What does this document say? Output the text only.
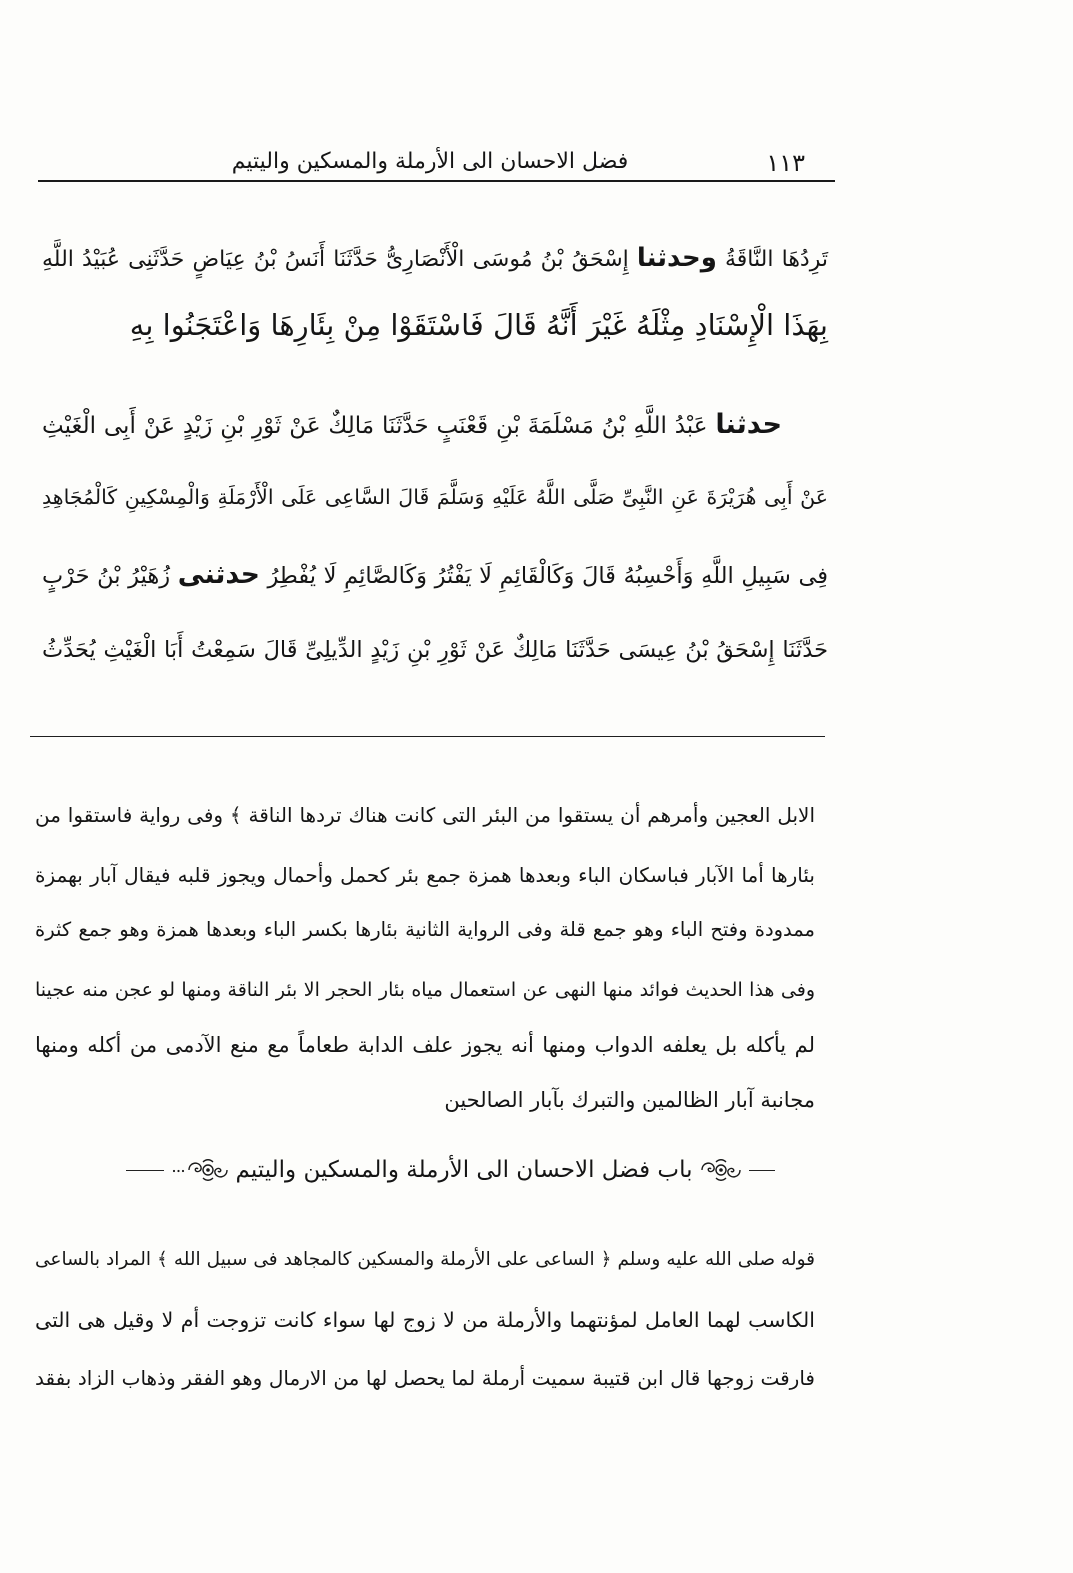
١١٣
فضل الاحسان الى الأرملة والمسكين واليتيم

تَرِدُهَا النَّاقَةُ وحدثنا إِسْحَقُ بْنُ مُوسَى الْأَنْصَارِىُّ حَدَّثَنَا أَنَسُ بْنُ عِيَاضٍ حَدَّثَنِى عُبَيْدُ اللَّهِ

بِهَذَا الْإِسْنَادِ مِثْلَهُ غَيْرَ أَنَّهُ قَالَ فَاسْتَقَوْا مِنْ بِئَارِهَا وَاعْتَجَنُوا بِهِ

حدثنا عَبْدُ اللَّهِ بْنُ مَسْلَمَةَ بْنِ قَعْنَبٍ حَدَّثَنَا مَالِكٌ عَنْ ثَوْرِ بْنِ زَيْدٍ عَنْ أَبِى الْغَيْثِ

عَنْ أَبِى هُرَيْرَةَ عَنِ النَّبِىِّ صَلَّى اللَّهُ عَلَيْهِ وَسَلَّمَ قَالَ السَّاعِى عَلَى الْأَرْمَلَةِ وَالْمِسْكِينِ كَالْمُجَاهِدِ

فِى سَبِيلِ اللَّهِ وَأَحْسِبُهُ قَالَ وَكَالْقَائِمِ لَا يَفْتُرُ وَكَالصَّائِمِ لَا يُفْطِرُ حدثنى زُهَيْرُ بْنُ حَرْبٍ

حَدَّثَنَا إِسْحَقُ بْنُ عِيسَى حَدَّثَنَا مَالِكٌ عَنْ ثَوْرِ بْنِ زَيْدٍ الدِّيلِىِّ قَالَ سَمِعْتُ أَبَا الْغَيْثِ يُحَدِّثُ

الابل العجين وأمرهم أن يستقوا من البئر التى كانت هناك تردها الناقة ﴾ وفى رواية فاستقوا من

بئارها أما الآبار فباسكان الباء وبعدها همزة جمع بئر كحمل وأحمال ويجوز قلبه فيقال آبار بهمزة

ممدودة وفتح الباء وهو جمع قلة وفى الرواية الثانية بئارها بكسر الباء وبعدها همزة وهو جمع كثرة

وفى هذا الحديث فوائد منها النهى عن استعمال مياه بئار الحجر الا بئر الناقة ومنها لو عجن منه عجينا

لم يأكله بل يعلفه الدواب ومنها أنه يجوز علف الدابة طعاماً مع منع الآدمى من أكله ومنها

مجانبة آبار الظالمين والتبرك بآبار الصالحين

باب فضل الاحسان الى الأرملة والمسكين واليتيم

قوله صلى الله عليه وسلم ﴿ الساعى على الأرملة والمسكين كالمجاهد فى سبيل الله ﴾ المراد بالساعى

الكاسب لهما العامل لمؤنتهما والأرملة من لا زوج لها سواء كانت تزوجت أم لا وقيل هى التى

فارقت زوجها قال ابن قتيبة سميت أرملة لما يحصل لها من الارمال وهو الفقر وذهاب الزاد بفقد
